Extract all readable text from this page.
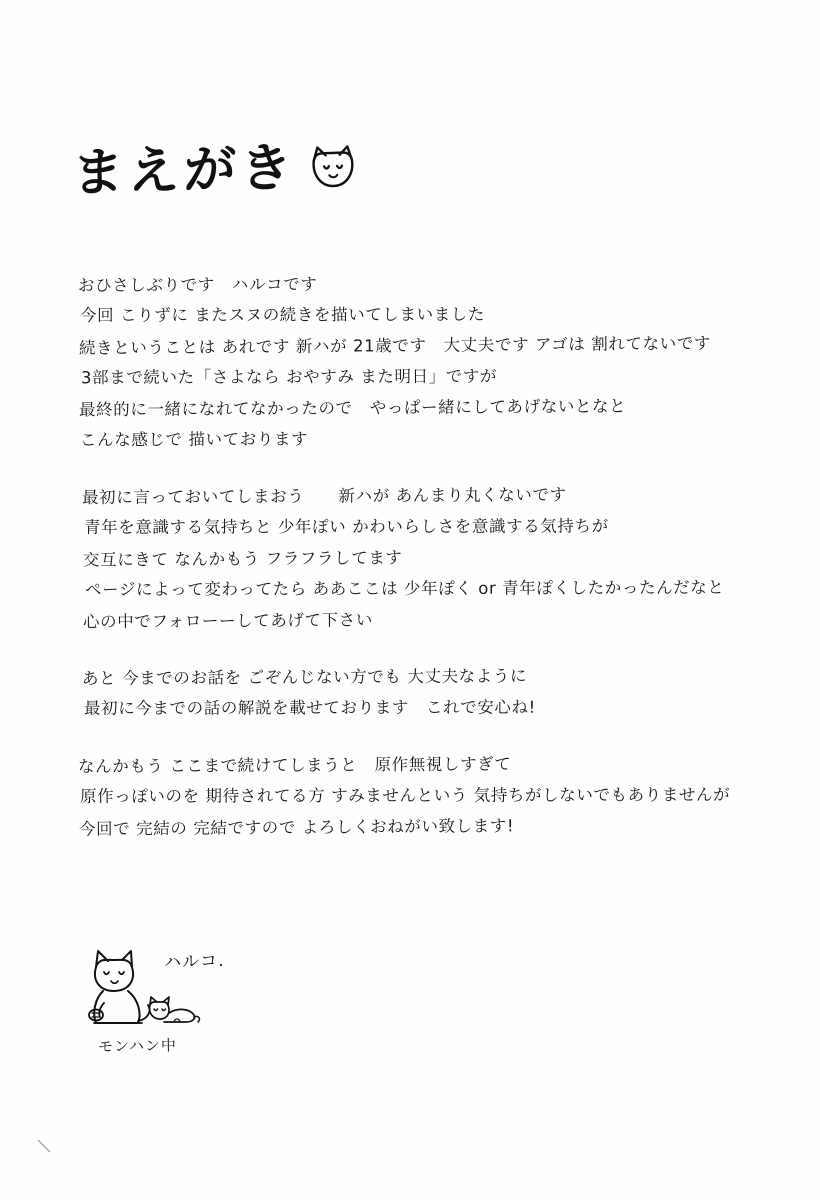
まえがき
おひさしぶりです　ハルコです
今回 こりずに またスヌの続きを描いてしまいました
続きということは あれです 新ハが 21歳です　大丈夫です アゴは 割れてないです
3部まで続いた「さよなら おやすみ また明日」ですが
最終的に一緒になれてなかったので　やっぱー緒にしてあげないとなと
こんな感じで 描いております
最初に言っておいてしまおう　　新ハが あんまり丸くないです
青年を意識する気持ちと 少年ぽい かわいらしさを意識する気持ちが
交互にきて なんかもう フラフラしてます
ページによって変わってたら ああここは 少年ぽく or 青年ぽくしたかったんだなと
心の中でフォローーしてあげて下さい
あと 今までのお話を ごぞんじない方でも 大丈夫なように
最初に今までの話の解説を載せております　これで安心ね!
なんかもう ここまで続けてしまうと　原作無視しすぎて
原作っぽいのを 期待されてる方 すみませんという 気持ちがしないでもありませんが
今回で 完結の 完結ですので よろしくおねがい致します!
ハルコ.
モンハン中
